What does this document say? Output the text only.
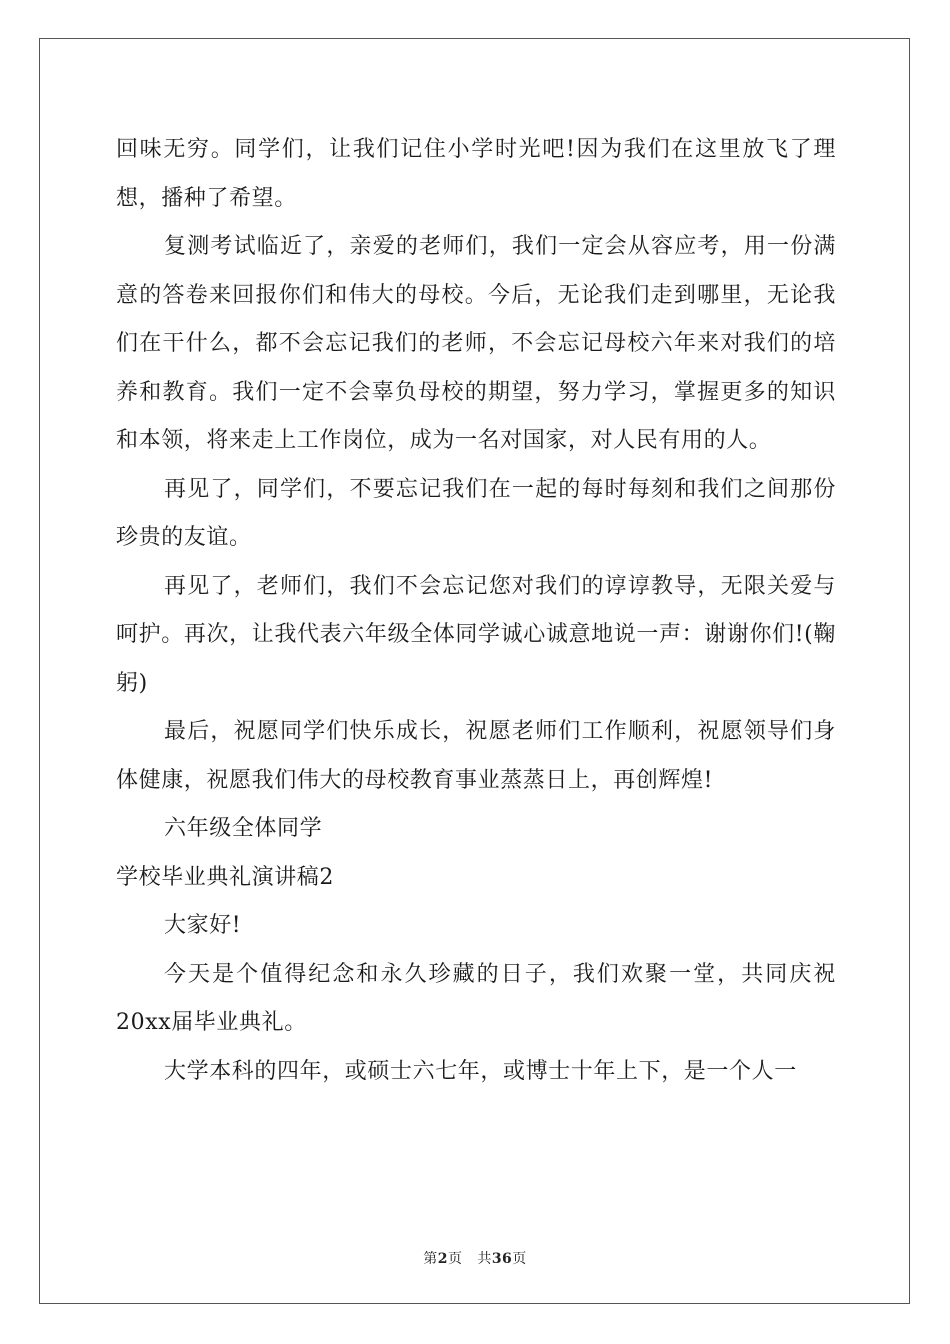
回味无穷。同学们，让我们记住小学时光吧!因为我们在这里放飞了理想，播种了希望。

复测考试临近了，亲爱的老师们，我们一定会从容应考，用一份满意的答卷来回报你们和伟大的母校。今后，无论我们走到哪里，无论我们在干什么，都不会忘记我们的老师，不会忘记母校六年来对我们的培养和教育。我们一定不会辜负母校的期望，努力学习，掌握更多的知识和本领，将来走上工作岗位，成为一名对国家，对人民有用的人。

再见了，同学们，不要忘记我们在一起的每时每刻和我们之间那份珍贵的友谊。

再见了，老师们，我们不会忘记您对我们的谆谆教导，无限关爱与呵护。再次，让我代表六年级全体同学诚心诚意地说一声：谢谢你们!(鞠躬)

最后，祝愿同学们快乐成长，祝愿老师们工作顺利，祝愿领导们身体健康，祝愿我们伟大的母校教育事业蒸蒸日上，再创辉煌!

六年级全体同学

学校毕业典礼演讲稿2

大家好!

今天是个值得纪念和永久珍藏的日子，我们欢聚一堂，共同庆祝20xx届毕业典礼。

大学本科的四年，或硕士六七年，或博士十年上下，是一个人一

第2页 共36页
